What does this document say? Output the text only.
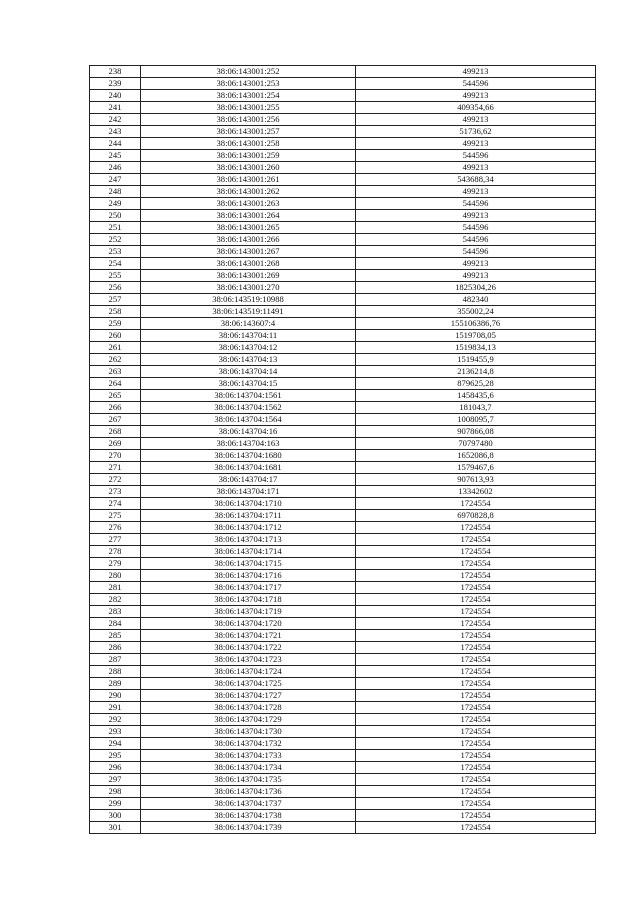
238	38:06:143001:252	499213
239	38:06:143001:253	544596
240	38:06:143001:254	499213
241	38:06:143001:255	409354,66
242	38:06:143001:256	499213
243	38:06:143001:257	51736,62
244	38:06:143001:258	499213
245	38:06:143001:259	544596
246	38:06:143001:260	499213
247	38:06:143001:261	543688,34
248	38:06:143001:262	499213
249	38:06:143001:263	544596
250	38:06:143001:264	499213
251	38:06:143001:265	544596
252	38:06:143001:266	544596
253	38:06:143001:267	544596
254	38:06:143001:268	499213
255	38:06:143001:269	499213
256	38:06:143001:270	1825304,26
257	38:06:143519:10988	482340
258	38:06:143519:11491	355002,24
259	38:06:143607:4	155106386,76
260	38:06:143704:11	1519708,05
261	38:06:143704:12	1519834,13
262	38:06:143704:13	1519455,9
263	38:06:143704:14	2136214,8
264	38:06:143704:15	879625,28
265	38:06:143704:1561	1458435,6
266	38:06:143704:1562	181043,7
267	38:06:143704:1564	1008095,7
268	38:06:143704:16	907866,08
269	38:06:143704:163	70797480
270	38:06:143704:1680	1652086,8
271	38:06:143704:1681	1579467,6
272	38:06:143704:17	907613,93
273	38:06:143704:171	13342602
274	38:06:143704:1710	1724554
275	38:06:143704:1711	6970828,8
276	38:06:143704:1712	1724554
277	38:06:143704:1713	1724554
278	38:06:143704:1714	1724554
279	38:06:143704:1715	1724554
280	38:06:143704:1716	1724554
281	38:06:143704:1717	1724554
282	38:06:143704:1718	1724554
283	38:06:143704:1719	1724554
284	38:06:143704:1720	1724554
285	38:06:143704:1721	1724554
286	38:06:143704:1722	1724554
287	38:06:143704:1723	1724554
288	38:06:143704:1724	1724554
289	38:06:143704:1725	1724554
290	38:06:143704:1727	1724554
291	38:06:143704:1728	1724554
292	38:06:143704:1729	1724554
293	38:06:143704:1730	1724554
294	38:06:143704:1732	1724554
295	38:06:143704:1733	1724554
296	38:06:143704:1734	1724554
297	38:06:143704:1735	1724554
298	38:06:143704:1736	1724554
299	38:06:143704:1737	1724554
300	38:06:143704:1738	1724554
301	38:06:143704:1739	1724554
